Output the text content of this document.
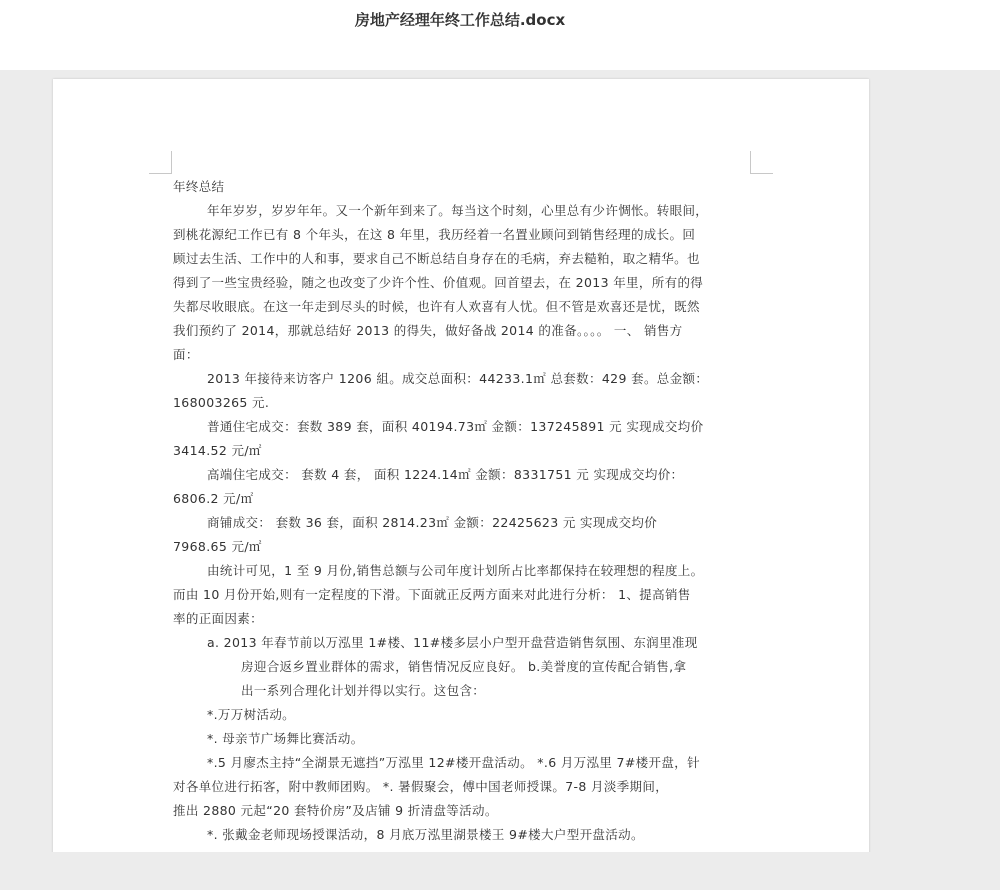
房地产经理年终工作总结.docx

年终总结

年年岁岁，岁岁年年。又一个新年到来了。每当这个时刻，心里总有少许惆怅。转眼间，

到桃花源纪工作已有 8 个年头，在这 8 年里，我历经着一名置业顾问到销售经理的成长。回

顾过去生活、工作中的人和事，要求自己不断总结自身存在的毛病，弃去糙粕，取之精华。也

得到了一些宝贵经验，随之也改变了少许个性、价值观。回首望去，在 2013 年里，所有的得

失都尽收眼底。在这一年走到尽头的时候，也许有人欢喜有人忧。但不管是欢喜还是忧，既然

我们预约了 2014，那就总结好 2013 的得失，做好备战 2014 的准备。。。。 一、 销售方

面：

2013 年接待来访客户 1206 組。成交总面积：44233.1㎡ 总套数：429 套。总金额：

168003265 元.

普通住宅成交：套数 389 套，面积 40194.73㎡ 金额：137245891 元 实现成交均价

3414.52 元/㎡

高端住宅成交： 套数 4 套， 面积 1224.14㎡ 金额：8331751 元 实现成交均价：

6806.2 元/㎡

商铺成交： 套数 36 套，面积 2814.23㎡ 金额：22425623 元 实现成交均价

7968.65 元/㎡

由统计可见，1 至 9 月份,销售总额与公司年度计划所占比率都保持在较理想的程度上。

而由 10 月份开始,则有一定程度的下滑。下面就正反两方面来对此进行分析： 1、提高销售

率的正面因素：

a. 2013 年春节前以万泓里 1#楼、11#楼多层小户型开盘营造销售氛围、东润里准现

房迎合返乡置业群体的需求，销售情况反应良好。 b.美誉度的宣传配合销售,拿

出一系列合理化计划并得以实行。这包含：

*.万万树活动。

*. 母亲节广场舞比赛活动。

*.5 月廖杰主持“全湖景无遮挡”万泓里 12#楼开盘活动。 *.6 月万泓里 7#楼开盘，针

对各单位进行拓客，附中教师团购。 *. 暑假聚会，傅中国老师授课。7-8 月淡季期间，

推出 2880 元起“20 套特价房”及店铺 9 折清盘等活动。

*. 张戴金老师现场授课活动，8 月底万泓里湖景楼王 9#楼大户型开盘活动。
